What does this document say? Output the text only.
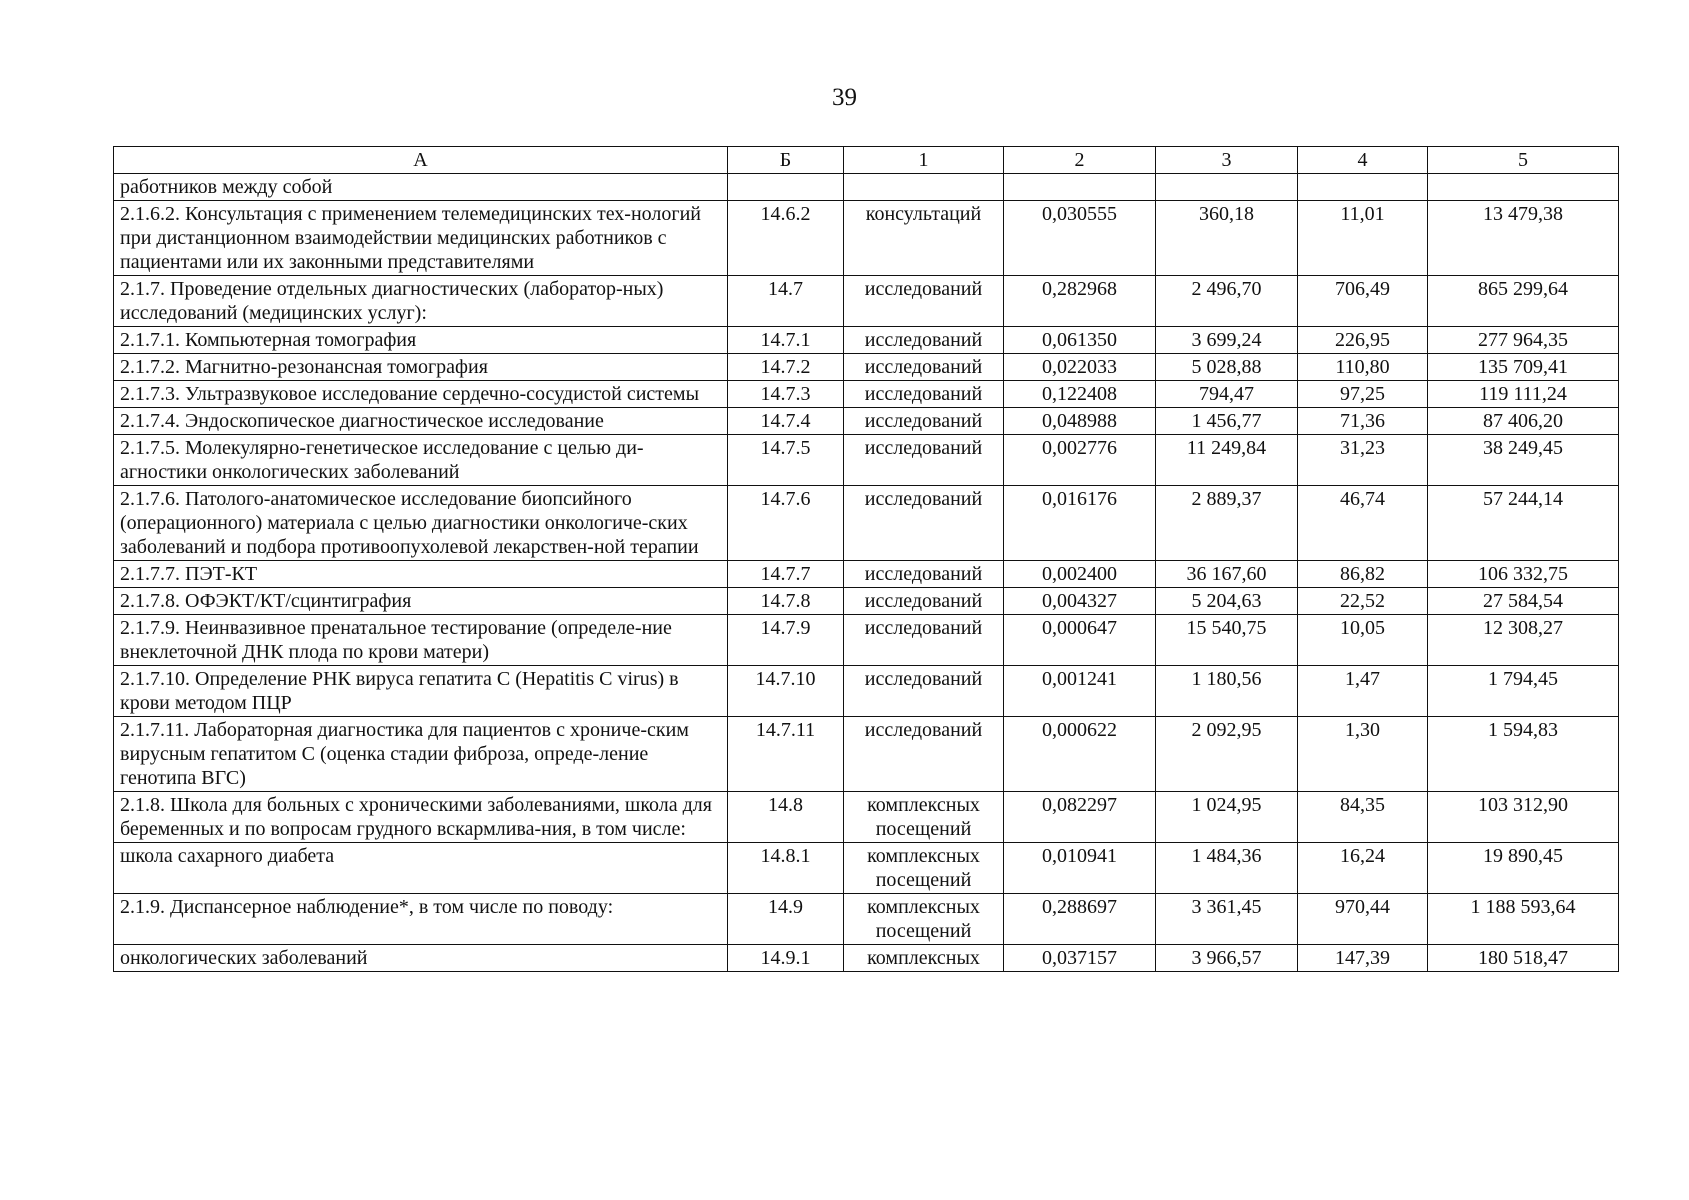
39
А	Б	1	2	3	4	5
работников между собой						
2.1.6.2. Консультация с применением телемедицинских тех-нологий при дистанционном взаимодействии медицинских работников с пациентами или их законными представителями	14.6.2	консультаций	0,030555	360,18	11,01	13 479,38
2.1.7. Проведение отдельных диагностических (лаборатор-ных) исследований (медицинских услуг):	14.7	исследований	0,282968	2 496,70	706,49	865 299,64
2.1.7.1. Компьютерная томография	14.7.1	исследований	0,061350	3 699,24	226,95	277 964,35
2.1.7.2. Магнитно-резонансная томография	14.7.2	исследований	0,022033	5 028,88	110,80	135 709,41
2.1.7.3. Ультразвуковое исследование сердечно-сосудистой системы	14.7.3	исследований	0,122408	794,47	97,25	119 111,24
2.1.7.4. Эндоскопическое диагностическое исследование	14.7.4	исследований	0,048988	1 456,77	71,36	87 406,20
2.1.7.5. Молекулярно-генетическое исследование с целью ди-агностики онкологических заболеваний	14.7.5	исследований	0,002776	11 249,84	31,23	38 249,45
2.1.7.6. Патолого-анатомическое исследование биопсийного (операционного) материала с целью диагностики онкологиче-ских заболеваний и подбора противоопухолевой лекарствен-ной терапии	14.7.6	исследований	0,016176	2 889,37	46,74	57 244,14
2.1.7.7. ПЭТ-КТ	14.7.7	исследований	0,002400	36 167,60	86,82	106 332,75
2.1.7.8. ОФЭКТ/КТ/сцинтиграфия	14.7.8	исследований	0,004327	5 204,63	22,52	27 584,54
2.1.7.9. Неинвазивное пренатальное тестирование (определе-ние внеклеточной ДНК плода по крови матери)	14.7.9	исследований	0,000647	15 540,75	10,05	12 308,27
2.1.7.10. Определение РНК вируса гепатита С (Hepatitis С virus) в крови методом ПЦР	14.7.10	исследований	0,001241	1 180,56	1,47	1 794,45
2.1.7.11. Лабораторная диагностика для пациентов с хрониче-ским вирусным гепатитом С (оценка стадии фиброза, опреде-ление генотипа ВГС)	14.7.11	исследований	0,000622	2 092,95	1,30	1 594,83
2.1.8. Школа для больных с хроническими заболеваниями, школа для беременных и по вопросам грудного вскармлива-ния, в том числе:	14.8	комплексных посещений	0,082297	1 024,95	84,35	103 312,90
школа сахарного диабета	14.8.1	комплексных посещений	0,010941	1 484,36	16,24	19 890,45
2.1.9. Диспансерное наблюдение*, в том числе по поводу:	14.9	комплексных посещений	0,288697	3 361,45	970,44	1 188 593,64
онкологических заболеваний	14.9.1	комплексных	0,037157	3 966,57	147,39	180 518,47
